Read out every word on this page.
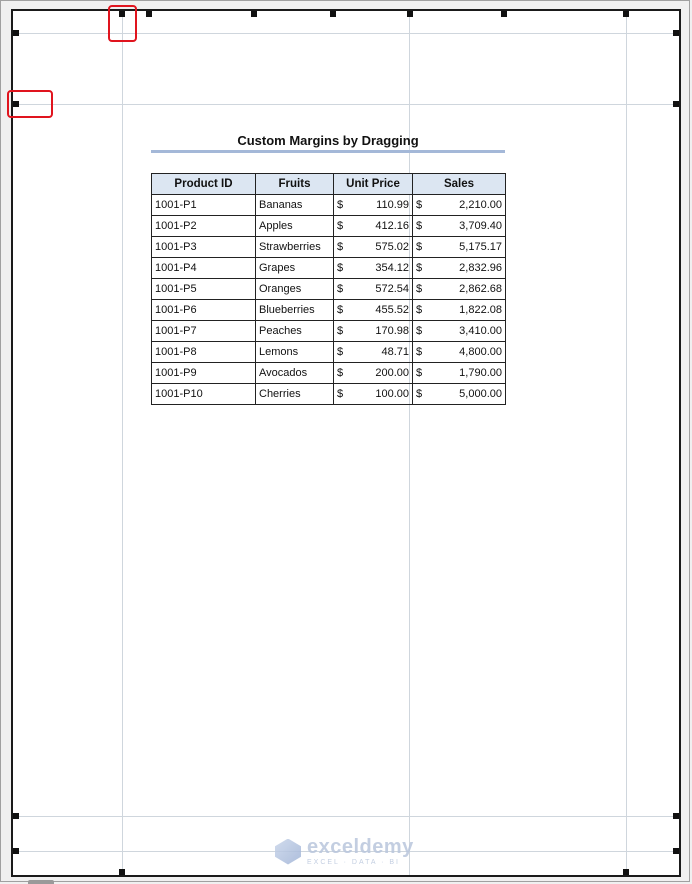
Custom Margins by Dragging
Product ID	Fruits	Unit Price	Sales
1001-P1	Bananas	$ 110.99	$ 2,210.00

1001-P2	Apples	$ 412.16	$ 3,709.40

1001-P3	Strawberries	$ 575.02	$ 5,175.17

1001-P4	Grapes	$ 354.12	$ 2,832.96

1001-P5	Oranges	$ 572.54	$ 2,862.68

1001-P6	Blueberries	$ 455.52	$ 1,822.08

1001-P7	Peaches	$ 170.98	$ 3,410.00

1001-P8	Lemons	$ 48.71	$ 4,800.00

1001-P9	Avocados	$ 200.00	$ 1,790.00

1001-P10	Cherries	$ 100.00	$ 5,000.00
exceldemy
EXCEL · DATA · BI
